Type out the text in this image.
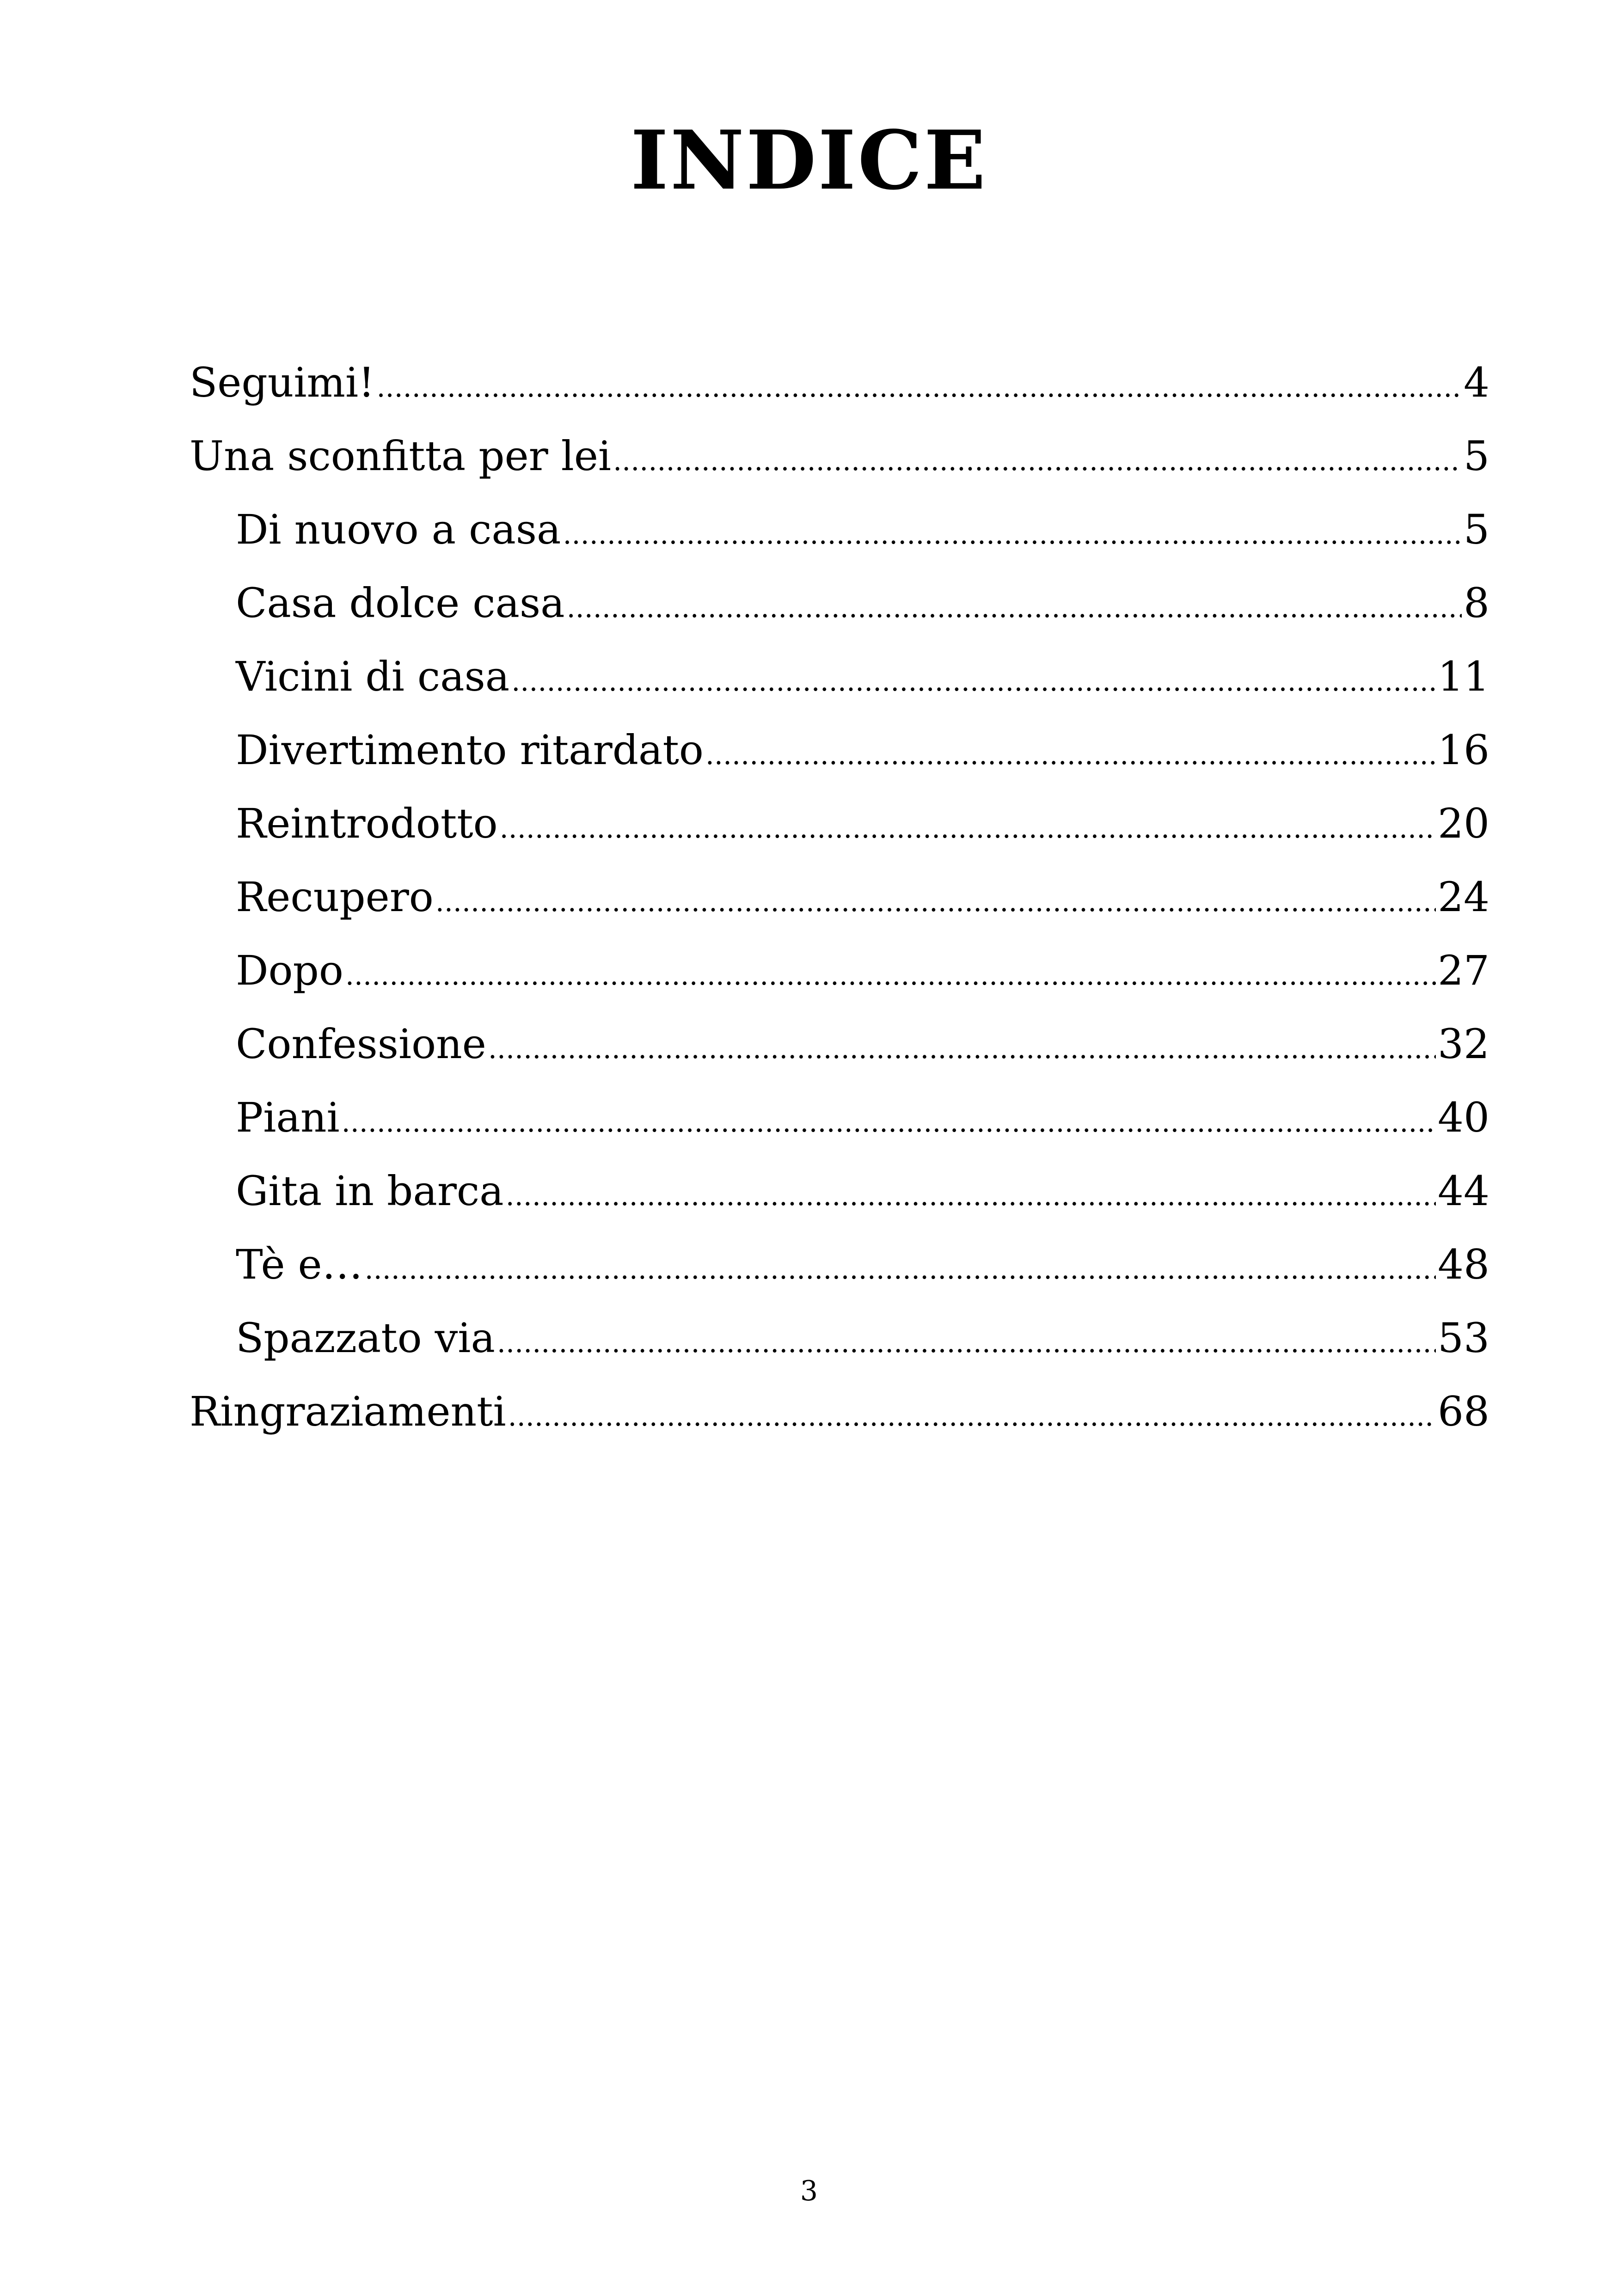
INDICE
Seguimi! .....	4
Una sconfitta per lei .....	5
Di nuovo a casa .....	5
Casa dolce casa .....	8
Vicini di casa .....	11
Divertimento ritardato .....	16
Reintrodotto .....	20
Recupero .....	24
Dopo .....	27
Confessione .....	32
Piani .....	40
Gita in barca .....	44
Tè e… .....	48
Spazzato via .....	53
Ringraziamenti .....	68
3
